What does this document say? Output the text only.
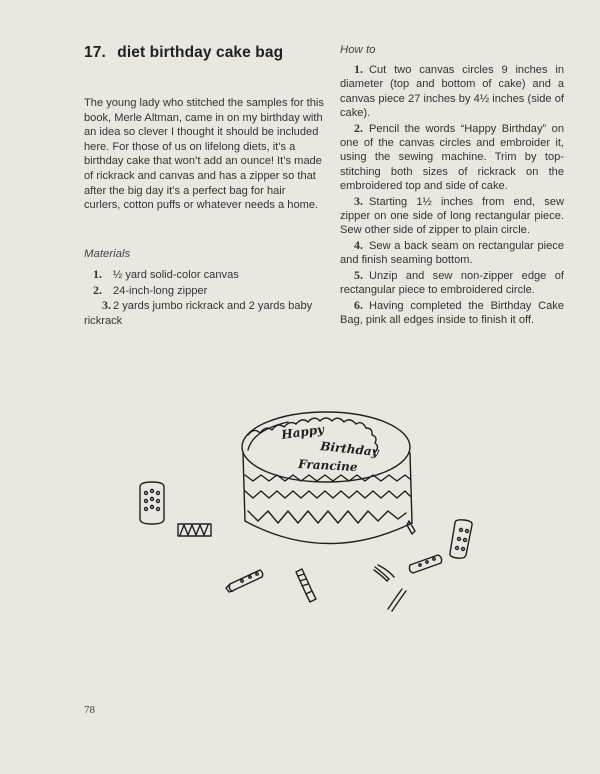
17. diet birthday cake bag

The young lady who stitched the samples for this book, Merle Altman, came in on my birthday with an idea so clever I thought it should be included here. For those of us on lifelong diets, it’s a birthday cake that won’t add an ounce! It’s made of rickrack and canvas and has a zipper so that after the big day it’s a perfect bag for hair curlers, cotton puffs or whatever needs a home.

Materials

1. ½ yard solid-color canvas

2. 24-inch-long zipper

3. 2 yards jumbo rickrack and 2 yards baby rickrack

How to

1. Cut two canvas circles 9 inches in diameter (top and bottom of cake) and a canvas piece 27 inches by 4½ inches (side of cake).

2. Pencil the words “Happy Birthday” on one of the canvas circles and embroider it, using the sewing machine. Trim by top-stitching both sizes of rickrack on the embroidered top and side of cake.

3. Starting 1½ inches from end, sew zipper on one side of long rectangular piece. Sew other side of zipper to plain circle.

4. Sew a back seam on rectangular piece and finish seaming bottom.

5. Unzip and sew non-zipper edge of rectangular piece to embroidered circle.

6. Having completed the Birthday Cake Bag, pink all edges inside to finish it off.

Happy
Birthday
Francine
78
